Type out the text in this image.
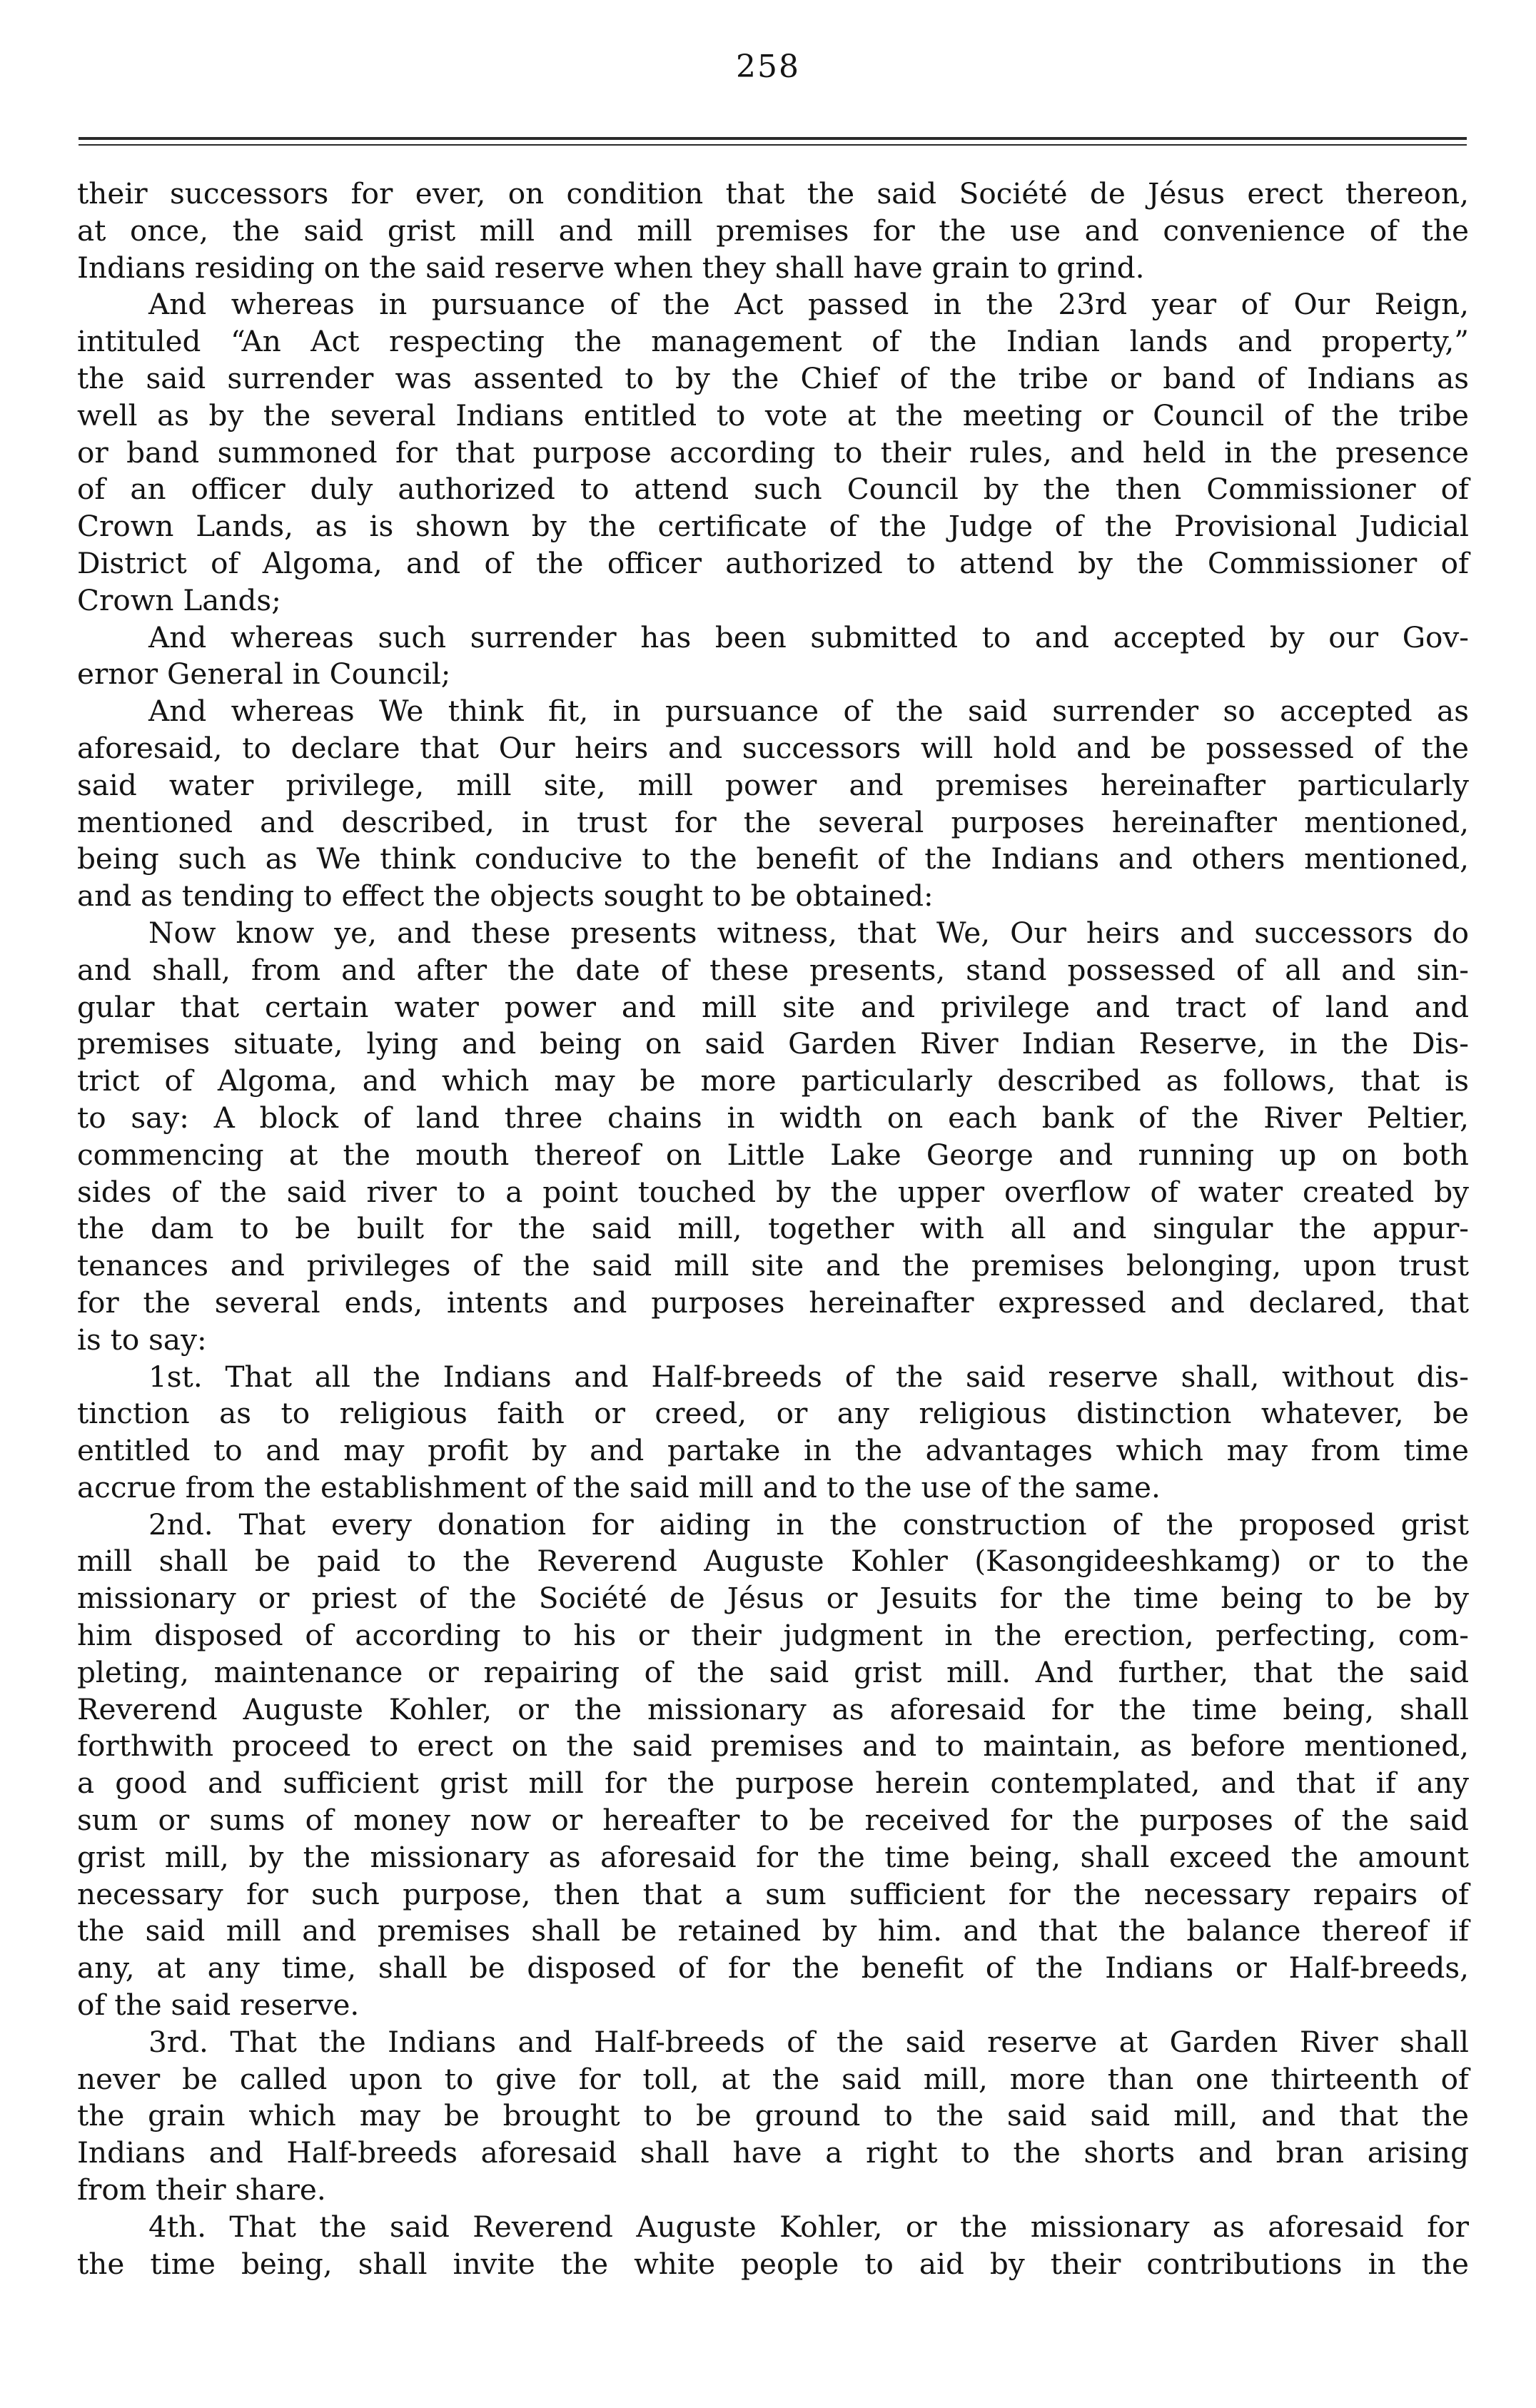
258
their successors for ever, on condition that the said Société de Jésus erect thereon,
at once, the said grist mill and mill premises for the use and convenience of the
Indians residing on the said reserve when they shall have grain to grind.
And whereas in pursuance of the Act passed in the 23rd year of Our Reign,
intituled “An Act respecting the management of the Indian lands and property,”
the said surrender was assented to by the Chief of the tribe or band of Indians as
well as by the several Indians entitled to vote at the meeting or Council of the tribe
or band summoned for that purpose according to their rules, and held in the presence
of an officer duly authorized to attend such Council by the then Commissioner of
Crown Lands, as is shown by the certificate of the Judge of the Provisional Judicial
District of Algoma, and of the officer authorized to attend by the Commissioner of
Crown Lands;
And whereas such surrender has been submitted to and accepted by our Gov-
ernor General in Council;
And whereas We think fit, in pursuance of the said surrender so accepted as
aforesaid, to declare that Our heirs and successors will hold and be possessed of the
said water privilege, mill site, mill power and premises hereinafter particularly
mentioned and described, in trust for the several purposes hereinafter mentioned,
being such as We think conducive to the benefit of the Indians and others mentioned,
and as tending to effect the objects sought to be obtained:
Now know ye, and these presents witness, that We, Our heirs and successors do
and shall, from and after the date of these presents, stand possessed of all and sin-
gular that certain water power and mill site and privilege and tract of land and
premises situate, lying and being on said Garden River Indian Reserve, in the Dis-
trict of Algoma, and which may be more particularly described as follows, that is
to say: A block of land three chains in width on each bank of the River Peltier,
commencing at the mouth thereof on Little Lake George and running up on both
sides of the said river to a point touched by the upper overflow of water created by
the dam to be built for the said mill, together with all and singular the appur-
tenances and privileges of the said mill site and the premises belonging, upon trust
for the several ends, intents and purposes hereinafter expressed and declared, that
is to say:
1st. That all the Indians and Half-breeds of the said reserve shall, without dis-
tinction as to religious faith or creed, or any religious distinction whatever, be
entitled to and may profit by and partake in the advantages which may from time
accrue from the establishment of the said mill and to the use of the same.
2nd. That every donation for aiding in the construction of the proposed grist
mill shall be paid to the Reverend Auguste Kohler (Kasongideeshkamg) or to the
missionary or priest of the Société de Jésus or Jesuits for the time being to be by
him disposed of according to his or their judgment in the erection, perfecting, com-
pleting, maintenance or repairing of the said grist mill. And further, that the said
Reverend Auguste Kohler, or the missionary as aforesaid for the time being, shall
forthwith proceed to erect on the said premises and to maintain, as before mentioned,
a good and sufficient grist mill for the purpose herein contemplated, and that if any
sum or sums of money now or hereafter to be received for the purposes of the said
grist mill, by the missionary as aforesaid for the time being, shall exceed the amount
necessary for such purpose, then that a sum sufficient for the necessary repairs of
the said mill and premises shall be retained by him. and that the balance thereof if
any, at any time, shall be disposed of for the benefit of the Indians or Half-breeds,
of the said reserve.
3rd. That the Indians and Half-breeds of the said reserve at Garden River shall
never be called upon to give for toll, at the said mill, more than one thirteenth of
the grain which may be brought to be ground to the said said mill, and that the
Indians and Half-breeds aforesaid shall have a right to the shorts and bran arising
from their share.
4th. That the said Reverend Auguste Kohler, or the missionary as aforesaid for
the time being, shall invite the white people to aid by their contributions in the
